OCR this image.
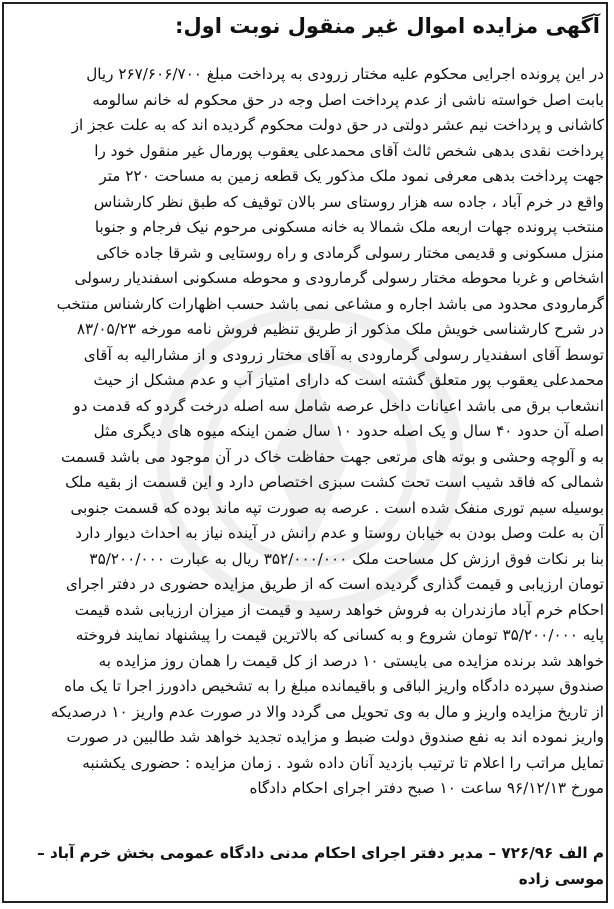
آگهی مزایده اموال غیر منقول نوبت اول:
در این پرونده اجرایی محکوم علیه مختار زرودی به پرداخت مبلغ ۲۶۷/۶۰۶/۷۰۰ ریال
بابت اصل خواسته ناشی از عدم پرداخت اصل وجه در حق محکوم له خانم سالومه
کاشانی و پرداخت نیم عشر دولتی در حق دولت محکوم گردیده اند که به علت عجز از
پرداخت نقدی بدهی شخص ثالث آقای محمدعلی یعقوب پورمال غیر منقول خود را
جهت پرداخت بدهی معرفی نمود ملک مذکور یک قطعه زمین به مساحت ۲۲۰ متر
واقع در خرم آباد ، جاده سه هزار روستای سر بالان توقیف که طبق نظر کارشناس
منتخب پرونده جهات اربعه ملک شمالا به خانه مسکونی مرحوم نیک فرجام و جنوبا
منزل مسکونی و قدیمی مختار رسولی گرمادی و راه روستایی و شرقا جاده خاکی
اشخاص و غربا محوطه مختار رسولی گرمارودی و محوطه مسکونی اسفندیار رسولی
گرمارودی محدود می باشد اجاره و مشاعی نمی باشد حسب اظهارات کارشناس منتخب
در شرح کارشناسی خویش ملک مذکور از طریق تنظیم فروش نامه مورخه ۸۳/۰۵/۲۳
توسط آقای اسفندیار رسولی گرمارودی به آقای مختار زرودی و از مشارالیه به آقای
محمدعلی یعقوب پور متعلق گشته است که دارای امتیاز آب و عدم مشکل از حیث
انشعاب برق می باشد اعیانات داخل عرصه شامل سه اصله درخت گردو که قدمت دو
اصله آن حدود ۴۰ سال و یک اصله حدود ۱۰ سال ضمن اینکه میوه های دیگری مثل
به و آلوچه وحشی و بوته های مرتعی جهت حفاظت خاک در آن موجود می باشد قسمت
شمالی که فاقد شیب است تحت کشت سبزی اختصاص دارد و این قسمت از بقیه ملک
بوسیله سیم توری منفک شده است . عرصه به صورت تپه ماند بوده که قسمت جنوبی
آن به علت وصل بودن به خیابان روستا و عدم رانش در آینده نیاز به احداث دیوار دارد
بنا بر نکات فوق ارزش کل مساحت ملک ۳۵۲/۰۰۰/۰۰۰ ریال به عبارت ۳۵/۲۰۰/۰۰۰
تومان ارزیابی و قیمت گذاری گردیده است که از طریق مزایده حضوری در دفتر اجرای
احکام خرم آباد مازندران به فروش خواهد رسید و قیمت از میزان ارزیابی شده قیمت
پایه ۳۵/۲۰۰/۰۰۰ تومان شروع و به کسانی که بالاترین قیمت را پیشنهاد نمایند فروخته
خواهد شد برنده مزایده می بایستی ۱۰ درصد از کل قیمت را همان روز مزایده به
صندوق سپرده دادگاه واریز الباقی و باقیمانده مبلغ را به تشخیص دادورز اجرا تا یک ماه
از تاریخ مزایده واریز و مال به وی تحویل می گردد والا در صورت عدم واریز ۱۰ درصدیکه
واریز نموده اند به نفع صندوق دولت ضبط و مزایده تجدید خواهد شد طالبین در صورت
تمایل مراتب را اعلام تا ترتیب بازدید آنان داده شود . زمان مزایده : حضوری یکشنبه
مورخ ۹۶/۱۲/۱۳ ساعت ۱۰ صبح دفتر اجرای احکام دادگاه
م الف ۷۲۶/۹۶ – مدیر دفتر اجرای احکام مدنی دادگاه عمومی بخش خرم آباد –
موسی زاده
